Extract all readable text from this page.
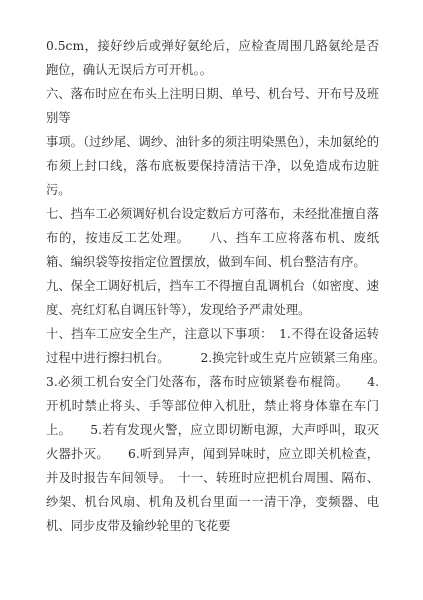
0.5cm，接好纱后或弹好氨纶后，应检查周围几路氨纶是否跑位，确认无误后方可开机。。

六、落布时应在布头上注明日期、单号、机台号、开布号及班别等

事项。（过纱尾、调纱、油针多的须注明染黑色），未加氨纶的布须上封口线，落布底板要保持清洁干净，以免造成布边脏污。

七、挡车工必须调好机台设定数后方可落布，未经批准擅自落布的，按违反工艺处理。　　八、挡车工应将落布机、废纸箱、编织袋等按指定位置摆放，做到车间、机台整洁有序。

九、保全工调好机后，挡车工不得擅自乱调机台（如密度、速度、亮红灯私自调压针等），发现给予严肃处理。

十、挡车工应安全生产，注意以下事项：　1.不得在设备运转过程中进行擦扫机台。　　　2.换完针或生克片应锁紧三角座。　　　3.必须工机台安全门处落布，落布时应锁紧卷布棍筒。　　4.开机时禁止将头、手等部位伸入机肚，禁止将身体靠在车门上。　　5.若有发现火警，应立即切断电源，大声呼叫，取灭火器扑灭。　　6.听到异声，闻到异味时，应立即关机检查，并及时报告车间领导。　十一、转班时应把机台周围、隔布、纱架、机台风扇、机角及机台里面一一清干净，变频器、电机、同步皮带及输纱轮里的飞花要
